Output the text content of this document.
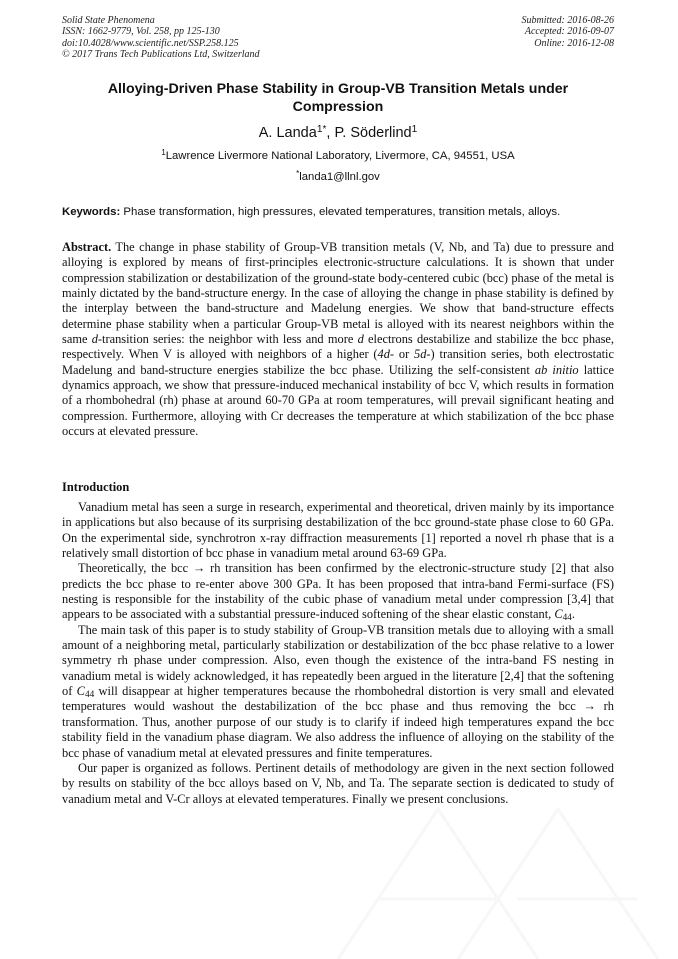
Solid State Phenomena
ISSN: 1662-9779, Vol. 258, pp 125-130
doi:10.4028/www.scientific.net/SSP.258.125
© 2017 Trans Tech Publications Ltd, Switzerland
Submitted: 2016-08-26
Accepted: 2016-09-07
Online: 2016-12-08
Alloying-Driven Phase Stability in Group-VB Transition Metals under Compression
A. Landa$^{1*}$, P. Söderlind$^1$
$^1$Lawrence Livermore National Laboratory, Livermore, CA, 94551, USA
*landa1@llnl.gov
Keywords: Phase transformation, high pressures, elevated temperatures, transition metals, alloys.

Abstract. The change in phase stability of Group-VB transition metals (V, Nb, and Ta) due to pressure and alloying is explored by means of first-principles electronic-structure calculations. It is shown that under compression stabilization or destabilization of the ground-state body-centered cubic (bcc) phase of the metal is mainly dictated by the band-structure energy. In the case of alloying the change in phase stability is defined by the interplay between the band-structure and Madelung energies. We show that band-structure effects determine phase stability when a particular Group-VB metal is alloyed with its nearest neighbors within the same d-transition series: the neighbor with less and more d electrons destabilize and stabilize the bcc phase, respectively. When V is alloyed with neighbors of a higher (4d- or 5d-) transition series, both electrostatic Madelung and band-structure energies stabilize the bcc phase. Utilizing the self-consistent ab initio lattice dynamics approach, we show that pressure-induced mechanical instability of bcc V, which results in formation of a rhombohedral (rh) phase at around 60-70 GPa at room temperatures, will prevail significant heating and compression. Furthermore, alloying with Cr decreases the temperature at which stabilization of the bcc phase occurs at elevated pressure.

Introduction

Vanadium metal has seen a surge in research, experimental and theoretical, driven mainly by its importance in applications but also because of its surprising destabilization of the bcc ground-state phase close to 60 GPa. On the experimental side, synchrotron x-ray diffraction measurements [1] reported a novel rh phase that is a relatively small distortion of bcc phase in vanadium metal around 63-69 GPa.

Theoretically, the bcc → rh transition has been confirmed by the electronic-structure study [2] that also predicts the bcc phase to re-enter above 300 GPa. It has been proposed that intra-band Fermi-surface (FS) nesting is responsible for the instability of the cubic phase of vanadium metal under compression [3,4] that appears to be associated with a substantial pressure-induced softening of the shear elastic constant, C44.

The main task of this paper is to study stability of Group-VB transition metals due to alloying with a small amount of a neighboring metal, particularly stabilization or destabilization of the bcc phase relative to a lower symmetry rh phase under compression. Also, even though the existence of the intra-band FS nesting in vanadium metal is widely acknowledged, it has repeatedly been argued in the literature [2,4] that the softening of C44 will disappear at higher temperatures because the rhombohedral distortion is very small and elevated temperatures would washout the destabilization of the bcc phase and thus removing the bcc → rh transformation. Thus, another purpose of our study is to clarify if indeed high temperatures expand the bcc stability field in the vanadium phase diagram. We also address the influence of alloying on the stability of the bcc phase of vanadium metal at elevated pressures and finite temperatures.

Our paper is organized as follows. Pertinent details of methodology are given in the next section followed by results on stability of the bcc alloys based on V, Nb, and Ta. The separate section is dedicated to study of vanadium metal and V-Cr alloys at elevated temperatures. Finally we present conclusions.
